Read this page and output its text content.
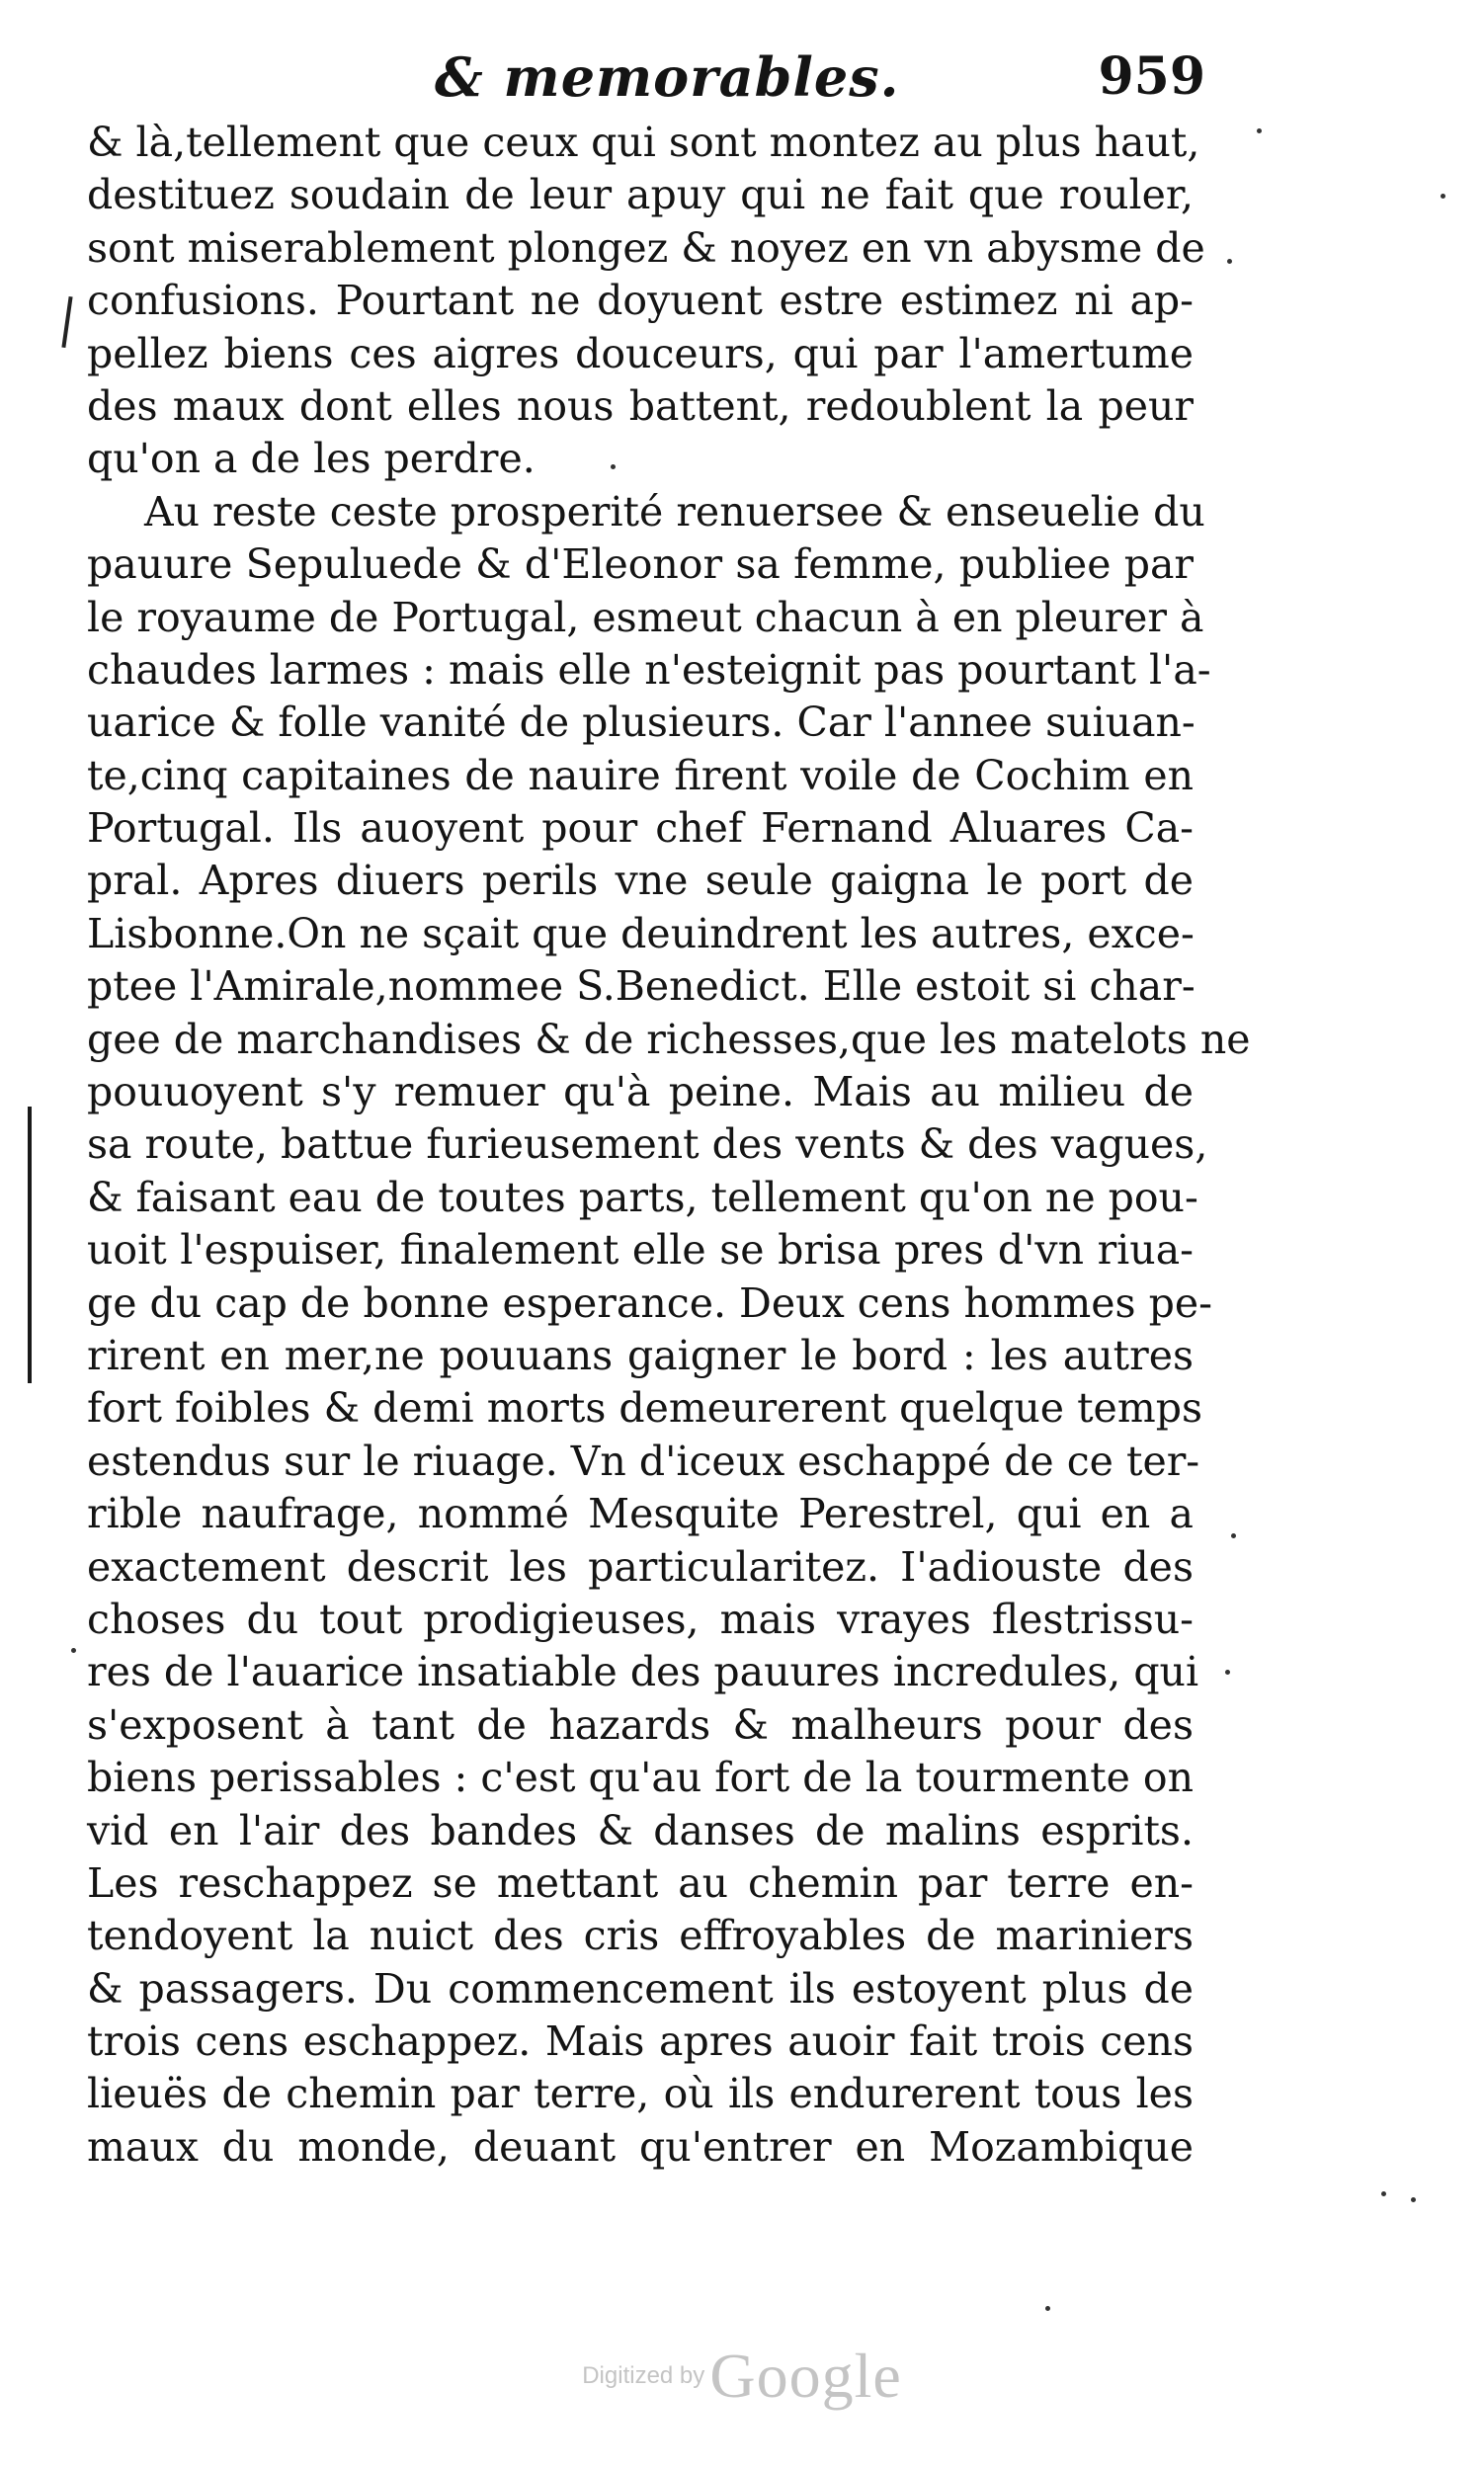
& memorables.	959
& là,tellement que ceux qui sont montez au plus haut,
destituez soudain de leur apuy qui ne fait que rouler,
sont miserablement plongez & noyez en vn abysme de
confusions. Pourtant ne doyuent estre estimez ni ap-
pellez biens ces aigres douceurs, qui par l'amertume
des maux dont elles nous battent, redoublent la peur
qu'on a de les perdre.
Au reste ceste prosperité renuersee & enseuelie du
pauure Sepuluede & d'Eleonor sa femme, publiee par
le royaume de Portugal, esmeut chacun à en pleurer à
chaudes larmes : mais elle n'esteignit pas pourtant l'a-
uarice & folle vanité de plusieurs. Car l'annee suiuan-
te,cinq capitaines de nauire firent voile de Cochim en
Portugal. Ils auoyent pour chef Fernand Aluares Ca-
pral. Apres diuers perils vne seule gaigna le port de
Lisbonne.On ne sçait que deuindrent les autres, exce-
ptee l'Amirale,nommee S.Benedict. Elle estoit si char-
gee de marchandises & de richesses,que les matelots ne
pouuoyent s'y remuer qu'à peine. Mais au milieu de
sa route, battue furieusement des vents & des vagues,
& faisant eau de toutes parts, tellement qu'on ne pou-
uoit l'espuiser, finalement elle se brisa pres d'vn riua-
ge du cap de bonne esperance. Deux cens hommes pe-
rirent en mer,ne pouuans gaigner le bord : les autres
fort foibles & demi morts demeurerent quelque temps
estendus sur le riuage. Vn d'iceux eschappé de ce ter-
rible naufrage, nommé Mesquite Perestrel, qui en a
exactement descrit les particularitez. I'adiouste des
choses du tout prodigieuses, mais vrayes flestrissu-
res de l'auarice insatiable des pauures incredules, qui
s'exposent à tant de hazards & malheurs pour des
biens perissables : c'est qu'au fort de la tourmente on
vid en l'air des bandes & danses de malins esprits.
Les reschappez se mettant au chemin par terre en-
tendoyent la nuict des cris effroyables de mariniers
& passagers. Du commencement ils estoyent plus de
trois cens eschappez. Mais apres auoir fait trois cens
lieuës de chemin par terre, où ils endurerent tous les
maux du monde, deuant qu'entrer en Mozambique
Digitized by Google
